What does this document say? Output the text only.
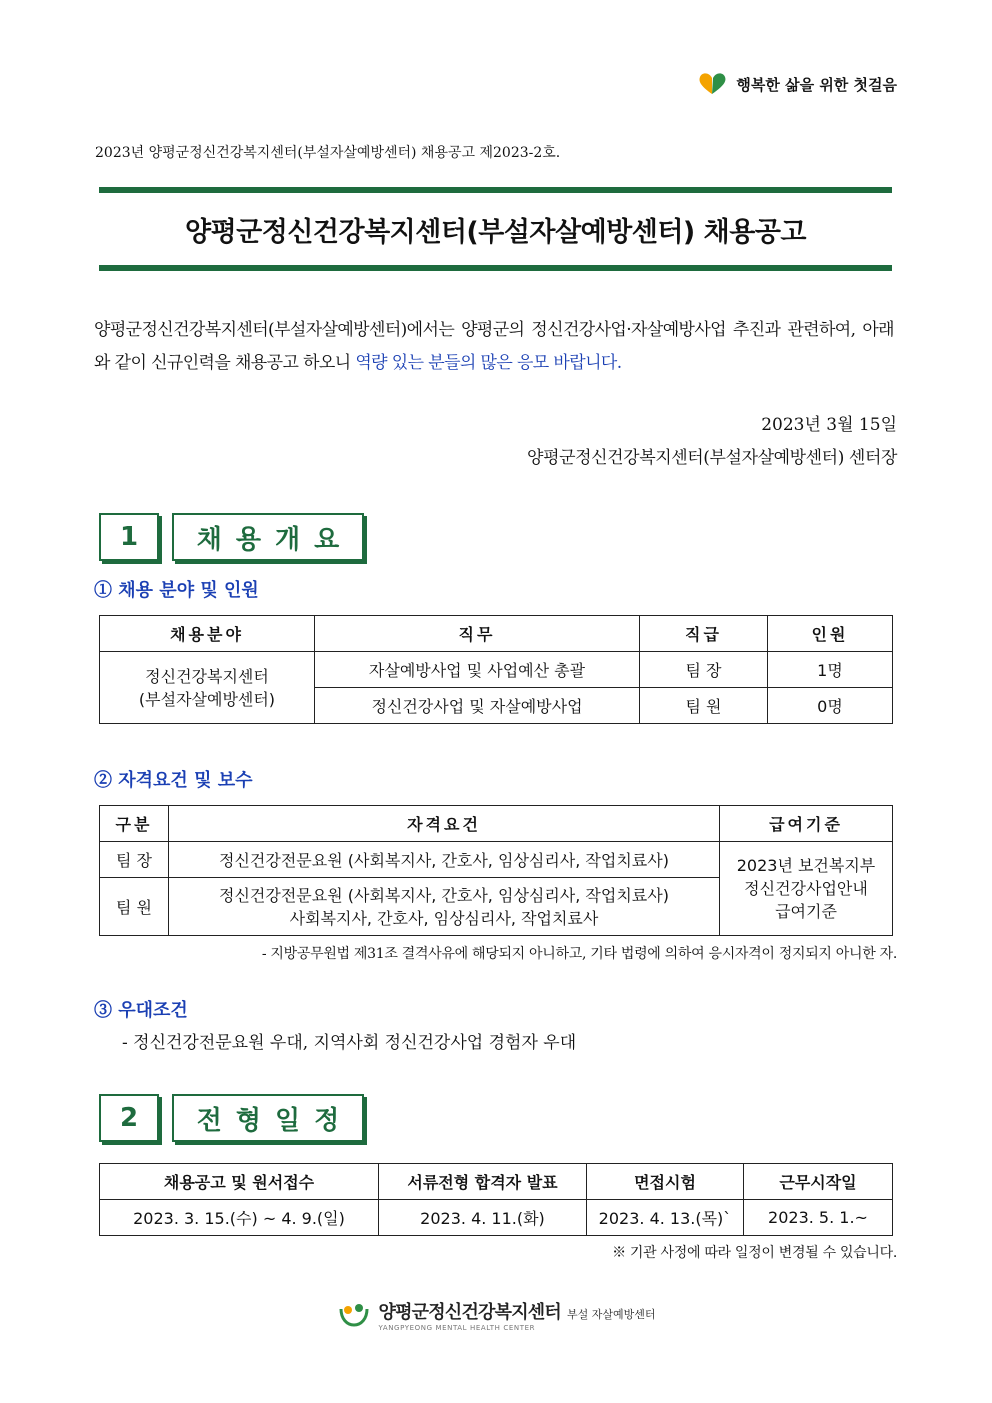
행복한 삶을 위한 첫걸음
2023년 양평군정신건강복지센터(부설자살예방센터) 채용공고 제2023-2호.
양평군정신건강복지센터(부설자살예방센터) 채용공고
양평군정신건강복지센터(부설자살예방센터)에서는 양평군의 정신건강사업·자살예방사업 추진과 관련하여, 아래와 같이 신규인력을 채용공고 하오니 역량 있는 분들의 많은 응모 바랍니다.
2023년 3월 15일
양평군정신건강복지센터(부설자살예방센터) 센터장
1	채용개요
① 채용 분야 및 인원
채용분야	직무	직급	인원

정신건강복지센터
(부설자살예방센터)	자살예방사업 및 사업예산 총괄	팀 장	1명
	정신건강사업 및 자살예방사업	팀 원	0명
② 자격요건 및 보수
구분	자격요건	급여기준
팀 장	정신건강전문요원 (사회복지사, 간호사, 임상심리사, 작업치료사)	2023년 보건복지부
정신건강사업안내
급여기준

팀 원	정신건강전문요원 (사회복지사, 간호사, 임상심리사, 작업치료사)
사회복지사, 간호사, 임상심리사, 작업치료사	
- 지방공무원법 제31조 결격사유에 해당되지 아니하고, 기타 법령에 의하여 응시자격이 정지되지 아니한 자.
③ 우대조건
- 정신건강전문요원 우대, 지역사회 정신건강사업 경험자 우대
2	전형일정
채용공고 및 원서접수	서류전형 합격자 발표	면접시험	근무시작일
2023. 3. 15.(수) ~ 4. 9.(일)	2023. 4. 11.(화)	2023. 4. 13.(목)`	2023. 5. 1.~
※ 기관 사정에 따라 일정이 변경될 수 있습니다.
양평군정신건강복지센터 부설 자살예방센터
YANGPYEONG MENTAL HEALTH CENTER
